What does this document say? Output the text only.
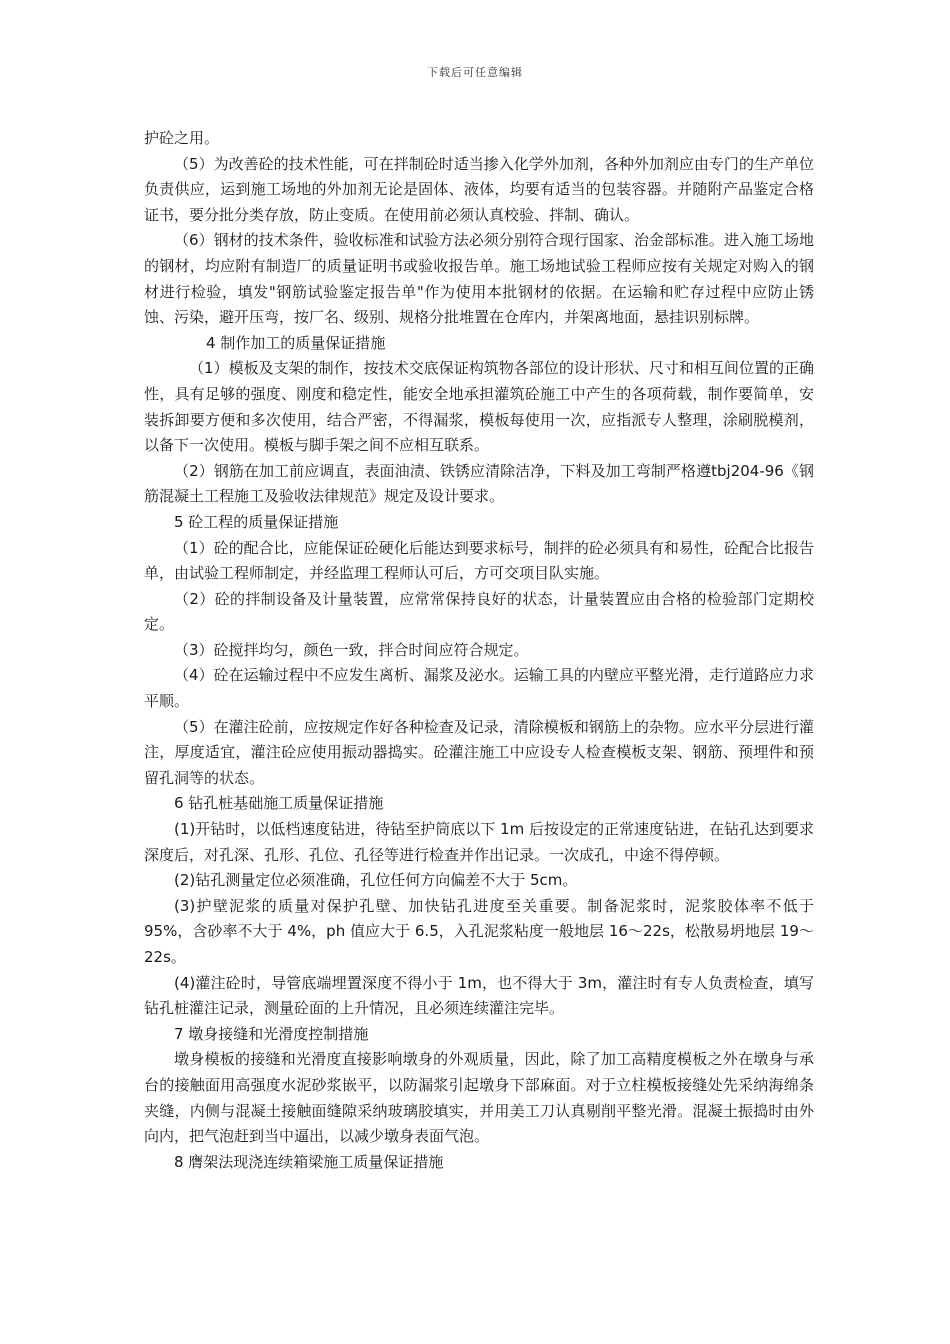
下载后可任意编辑

护砼之用。

（5）为改善砼的技术性能，可在拌制砼时适当掺入化学外加剂，各种外加剂应由专门的生产单位负责供应，运到施工场地的外加剂无论是固体、液体，均要有适当的包装容器。并随附产品鉴定合格证书，要分批分类存放，防止变质。在使用前必须认真校验、拌制、确认。

（6）钢材的技术条件，验收标准和试验方法必须分别符合现行国家、治金部标准。进入施工场地的钢材，均应附有制造厂的质量证明书或验收报告单。施工场地试验工程师应按有关规定对购入的钢材进行检验，填发"钢筋试验鉴定报告单"作为使用本批钢材的依据。在运输和贮存过程中应防止锈蚀、污染，避开压弯，按厂名、级别、规格分批堆置在仓库内，并架离地面，悬挂识别标牌。

4 制作加工的质量保证措施

（1）模板及支架的制作，按技术交底保证构筑物各部位的设计形状、尺寸和相互间位置的正确性，具有足够的强度、刚度和稳定性，能安全地承担灌筑砼施工中产生的各项荷载，制作要简单，安装拆卸要方便和多次使用，结合严密，不得漏浆，模板每使用一次，应指派专人整理，涂刷脱模剂，以备下一次使用。模板与脚手架之间不应相互联系。

（2）钢筋在加工前应调直，表面油渍、铁锈应清除洁净，下料及加工弯制严格遵tbj204-96《钢筋混凝土工程施工及验收法律规范》规定及设计要求。

5 砼工程的质量保证措施

（1）砼的配合比，应能保证砼硬化后能达到要求标号，制拌的砼必须具有和易性，砼配合比报告单，由试验工程师制定，并经监理工程师认可后，方可交项目队实施。

（2）砼的拌制设备及计量装置，应常常保持良好的状态，计量装置应由合格的检验部门定期校定。

（3）砼搅拌均匀，颜色一致，拌合时间应符合规定。

（4）砼在运输过程中不应发生离析、漏浆及泌水。运输工具的内壁应平整光滑，走行道路应力求平顺。

（5）在灌注砼前，应按规定作好各种检查及记录，清除模板和钢筋上的杂物。应水平分层进行灌注，厚度适宜，灌注砼应使用振动器捣实。砼灌注施工中应设专人检查模板支架、钢筋、预埋件和预留孔洞等的状态。

6 钻孔桩基础施工质量保证措施

(1)开钻时，以低档速度钻进，待钻至护筒底以下 1m 后按设定的正常速度钻进，在钻孔达到要求深度后，对孔深、孔形、孔位、孔径等进行检查并作出记录。一次成孔，中途不得停顿。

(2)钻孔测量定位必须准确，孔位任何方向偏差不大于 5cm。

(3)护壁泥浆的质量对保护孔壁、加快钻孔进度至关重要。制备泥浆时，泥浆胶体率不低于 95%，含砂率不大于 4%，ph 值应大于 6.5，入孔泥浆粘度一般地层 16～22s，松散易坍地层 19～22s。

(4)灌注砼时，导管底端埋置深度不得小于 1m，也不得大于 3m，灌注时有专人负责检查，填写钻孔桩灌注记录，测量砼面的上升情况，且必须连续灌注完毕。

7 墩身接缝和光滑度控制措施

墩身模板的接缝和光滑度直接影响墩身的外观质量，因此，除了加工高精度模板之外在墩身与承台的接触面用高强度水泥砂浆嵌平，以防漏浆引起墩身下部麻面。对于立柱模板接缝处先采纳海绵条夹缝，内侧与混凝土接触面缝隙采纳玻璃胶填实，并用美工刀认真剔削平整光滑。混凝土振捣时由外向内，把气泡赶到当中逼出，以减少墩身表面气泡。

8 膺架法现浇连续箱梁施工质量保证措施
